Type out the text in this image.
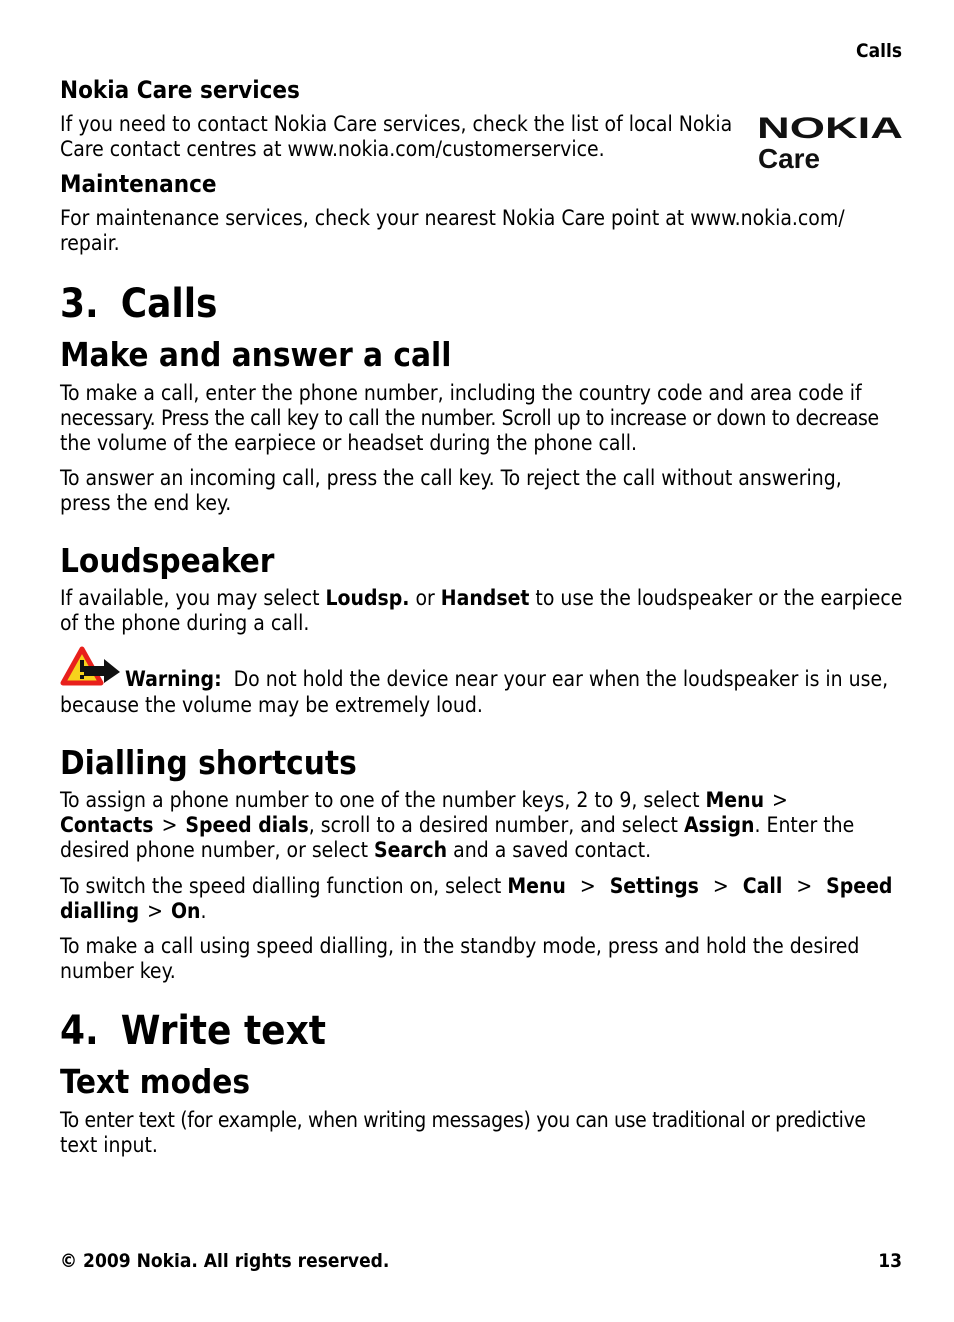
Calls
Nokia Care services

If you need to contact Nokia Care services, check the list of local Nokia

Care contact centres at www.nokia.com/customerservice.

NOKIA
Care
Maintenance

For maintenance services, check your nearest Nokia Care point at www.nokia.com/

repair.

3. Calls
Make and answer a call

To make a call, enter the phone number, including the country code and area code if

necessary. Press the call key to call the number. Scroll up to increase or down to decrease

the volume of the earpiece or headset during the phone call.

To answer an incoming call, press the call key. To reject the call without answering,

press the end key.

Loudspeaker

If available, you may select Loudsp. or Handset to use the loudspeaker or the earpiece

of the phone during a call.

Warning: Do not hold the device near your ear when the loudspeaker is in use,

because the volume may be extremely loud.

Dialling shortcuts

To assign a phone number to one of the number keys, 2 to 9, select Menu >

Contacts > Speed dials, scroll to a desired number, and select Assign. Enter the

desired phone number, or select Search and a saved contact.

To switch the speed dialling function on, select Menu > Settings > Call > Speed

dialling > On.

To make a call using speed dialling, in the standby mode, press and hold the desired

number key.

4. Write text
Text modes

To enter text (for example, when writing messages) you can use traditional or predictive

text input.

© 2009 Nokia. All rights reserved.	13
